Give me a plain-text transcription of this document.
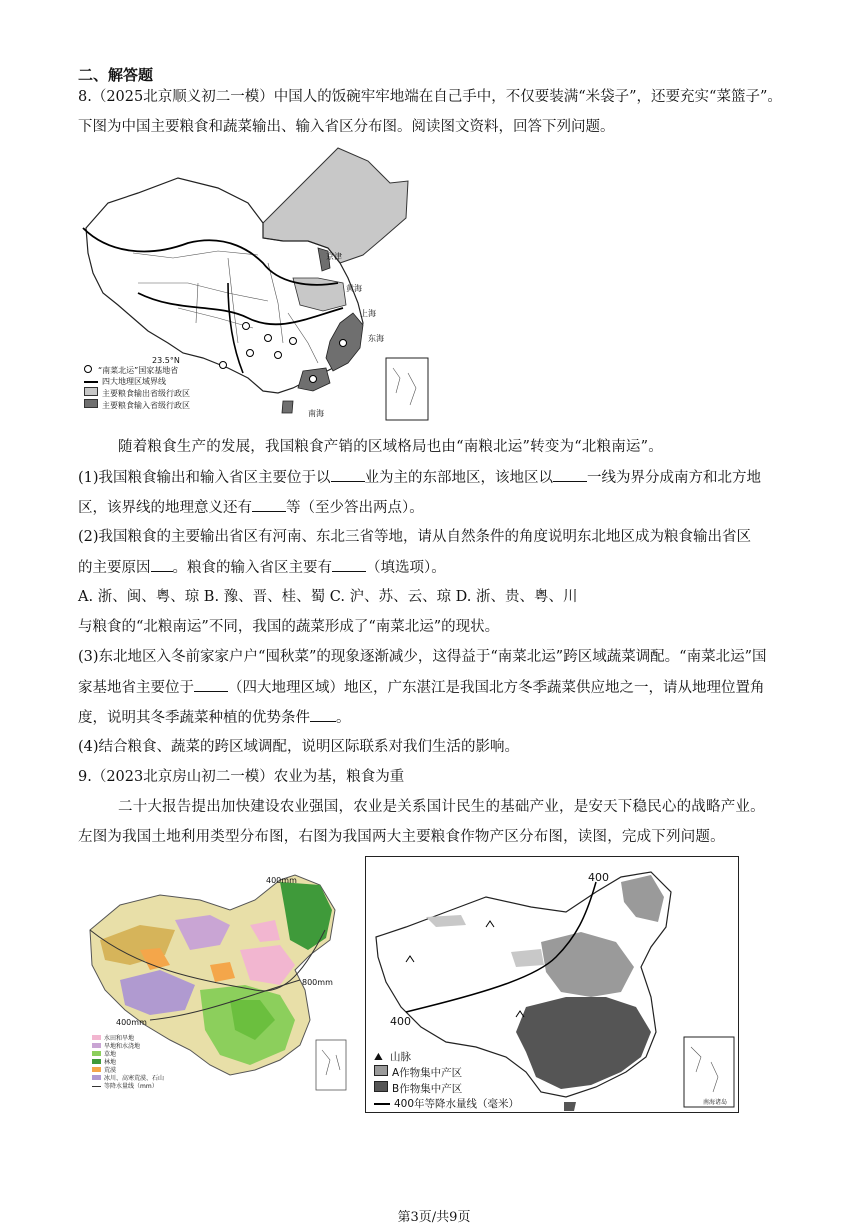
二、解答题
8.（2025北京顺义初二一模）中国人的饭碗牢牢地端在自己手中，不仅要装满“米袋子”，还要充实“菜篮子”。
下图为中国主要粮食和蔬菜输出、输入省区分布图。阅读图文资料，回答下列问题。
23.5°N
京津
黄海
上海
东海
南海
“南菜北运”国家基地省
四大地理区域界线
主要粮食输出省级行政区
主要粮食输入省级行政区
随着粮食生产的发展，我国粮食产销的区域格局也由“南粮北运”转变为“北粮南运”。
(1)我国粮食输出和输入省区主要位于以 业为主的东部地区，该地区以 一线为界分成南方和北方地
区，该界线的地理意义还有 等（至少答出两点）。
(2)我国粮食的主要输出省区有河南、东北三省等地，请从自然条件的角度说明东北地区成为粮食输出省区
的主要原因 。粮食的输入省区主要有 （填选项）。
A. 浙、闽、粤、琼 B. 豫、晋、桂、蜀 C. 沪、苏、云、琼 D. 浙、贵、粤、川
与粮食的“北粮南运”不同，我国的蔬菜形成了“南菜北运”的现状。
(3)东北地区入冬前家家户户“囤秋菜”的现象逐渐减少，这得益于“南菜北运”跨区域蔬菜调配。“南菜北运”国
家基地省主要位于 （四大地理区域）地区，广东湛江是我国北方冬季蔬菜供应地之一，请从地理位置角
度，说明其冬季蔬菜种植的优势条件 。
(4)结合粮食、蔬菜的跨区域调配，说明区际联系对我们生活的影响。
9.（2023北京房山初二一模）农业为基，粮食为重
二十大报告提出加快建设农业强国，农业是关系国计民生的基础产业，是安天下稳民心的战略产业。
左图为我国土地利用类型分布图，右图为我国两大主要粮食作物产区分布图，读图，完成下列问题。
400mm
800mm
400mm
水田和旱地
旱地和水浇地
草地
林地
荒漠
冰川、高寒荒漠、石山
等降水量线（mm）
400
400
南海诸岛
⛰ 山脉
A作物集中产区
B作物集中产区
400年等降水量线（毫米）
第3页/共9页
